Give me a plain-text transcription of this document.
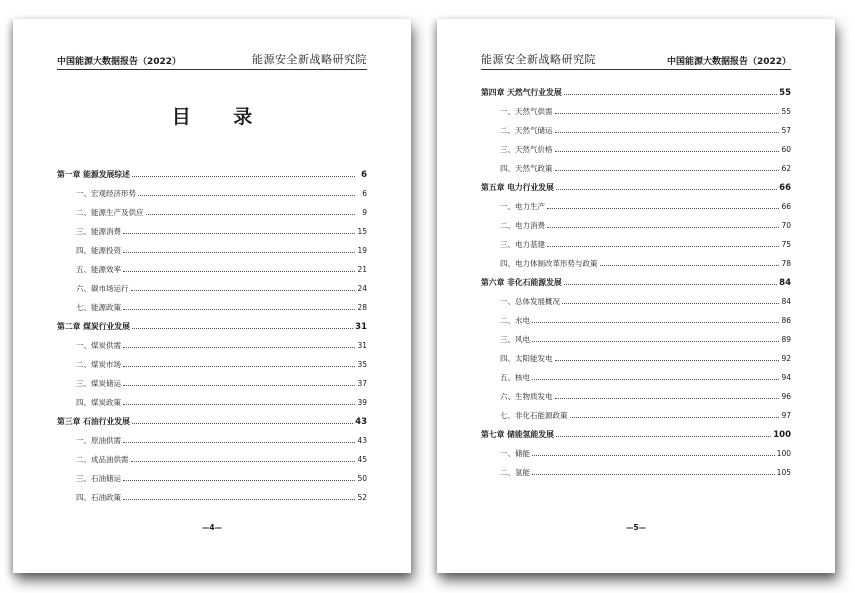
中国能源大数据报告（2022）	能源安全新战略研究院
目 录
第一章 能源发展综述	6
一、宏观经济形势	6
二、能源生产及供应	9
三、能源消费	15
四、能源投资	19
五、能源效率	21
六、碳市场运行	24
七、能源政策	28
第二章 煤炭行业发展	31
一、煤炭供需	31
二、煤炭市场	35
三、煤炭储运	37
四、煤炭政策	39
第三章 石油行业发展	43
一、原油供需	43
二、成品油供需	45
三、石油储运	50
四、石油政策	52
—4—
能源安全新战略研究院	中国能源大数据报告（2022）
第四章 天然气行业发展	55
一、天然气供需	55
二、天然气储运	57
三、天然气价格	60
四、天然气政策	62
第五章 电力行业发展	66
一、电力生产	66
二、电力消费	70
三、电力基建	75
四、电力体制改革形势与政策	78
第六章 非化石能源发展	84
一、总体发展概况	84
二、水电	86
三、风电	89
四、太阳能发电	92
五、核电	94
六、生物质发电	96
七、非化石能源政策	97
第七章 储能氢能发展	100
一、储能	100
二、氢能	105
—5—
